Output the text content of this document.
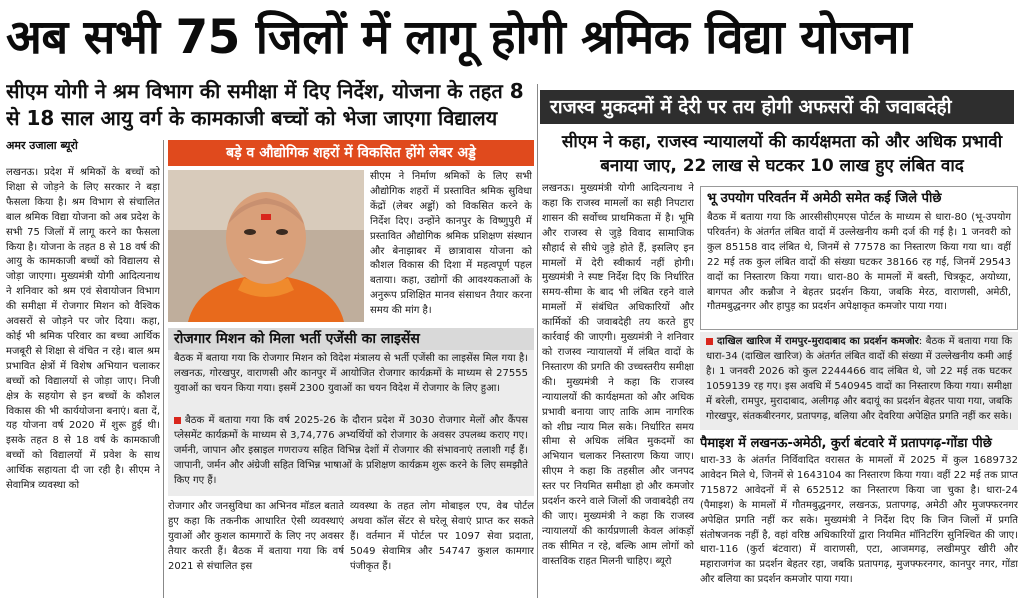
अब सभी 75 जिलों में लागू होगी श्रमिक विद्या योजना
सीएम योगी ने श्रम विभाग की समीक्षा में दिए निर्देश, योजना के तहत 8 से 18 साल आयु वर्ग के कामकाजी बच्चों को भेजा जाएगा विद्यालय
अमर उजाला ब्यूरो

लखनऊ। प्रदेश में श्रमिकों के बच्चों को शिक्षा से जोड़ने के लिए सरकार ने बड़ा फैसला किया है। श्रम विभाग से संचालित बाल श्रमिक विद्या योजना को अब प्रदेश के सभी 75 जिलों में लागू करने का फैसला किया है। योजना के तहत 8 से 18 वर्ष की आयु के कामकाजी बच्चों को विद्यालय से जोड़ा जाएगा। मुख्यमंत्री योगी आदित्यनाथ ने शनिवार को श्रम एवं सेवायोजन विभाग की समीक्षा में रोजगार मिशन को वैश्विक अवसरों से जोड़ने पर जोर दिया। कहा, कोई भी श्रमिक परिवार का बच्चा आर्थिक मजबूरी से शिक्षा से वंचित न रहे। बाल श्रम प्रभावित क्षेत्रों में विशेष अभियान चलाकर बच्चों को विद्यालयों से जोड़ा जाए। निजी क्षेत्र के सहयोग से इन बच्चों के कौशल विकास की भी कार्ययोजना बनाएं। बता दें, यह योजना वर्ष 2020 में शुरू हुई थी। इसके तहत 8 से 18 वर्ष के कामकाजी बच्चों को विद्यालयों में प्रवेश के साथ आर्थिक सहायता दी जा रही है। सीएम ने सेवामित्र व्यवस्था को

बड़े व औद्योगिक शहरों में विकसित होंगे लेबर अड्डे

सीएम ने निर्माण श्रमिकों के लिए सभी औद्योगिक शहरों में प्रस्तावित श्रमिक सुविधा केंद्रों (लेबर अड्डों) को विकसित करने के निर्देश दिए। उन्होंने कानपुर के विष्णुपुरी में प्रस्तावित औद्योगिक श्रमिक प्रशिक्षण संस्थान और बेनाझाबर में छात्रावास योजना को कौशल विकास की दिशा में महत्वपूर्ण पहल बताया। कहा, उद्योगों की आवश्यकताओं के अनुरूप प्रशिक्षित मानव संसाधन तैयार करना समय की मांग है।

रोजगार मिशन को मिला भर्ती एजेंसी का लाइसेंस
बैठक में बताया गया कि रोजगार मिशन को विदेश मंत्रालय से भर्ती एजेंसी का लाइसेंस मिल गया है। लखनऊ, गोरखपुर, वाराणसी और कानपुर में आयोजित रोजगार कार्यक्रमों के माध्यम से 27555 युवाओं का चयन किया गया। इसमें 2300 युवाओं का चयन विदेश में रोजगार के लिए हुआ।
बैठक में बताया गया कि वर्ष 2025-26 के दौरान प्रदेश में 3030 रोजगार मेलों और कैंपस प्लेसमेंट कार्यक्रमों के माध्यम से 3,74,776 अभ्यर्थियों को रोजगार के अवसर उपलब्ध कराए गए। जर्मनी, जापान और इस्राइल गणराज्य सहित विभिन्न देशों में रोजगार की संभावनाएं तलाशी गईं हैं। जापानी, जर्मन और अंग्रेजी सहित विभिन्न भाषाओं के प्रशिक्षण कार्यक्रम शुरू करने के लिए समझौते किए गए हैं।

रोजगार और जनसुविधा का अभिनव मॉडल बताते हुए कहा कि तकनीक आधारित ऐसी व्यवस्थाएं युवाओं और कुशल कामगारों के लिए नए अवसर तैयार करती हैं। बैठक में बताया गया कि वर्ष 2021 से संचालित इस

व्यवस्था के तहत लोग मोबाइल एप, वेब पोर्टल अथवा कॉल सेंटर से घरेलू सेवाएं प्राप्त कर सकते हैं। वर्तमान में पोर्टल पर 1097 सेवा प्रदाता, 5049 सेवामित्र और 54747 कुशल कामगार पंजीकृत हैं।

राजस्व मुकदमों में देरी पर तय होगी अफसरों की जवाबदेही
सीएम ने कहा, राजस्व न्यायालयों की कार्यक्षमता को और अधिक प्रभावी बनाया जाए, 22 लाख से घटकर 10 लाख हुए लंबित वाद

लखनऊ। मुख्यमंत्री योगी आदित्यनाथ ने कहा कि राजस्व मामलों का सही निपटारा शासन की सर्वोच्च प्राथमिकता में है। भूमि और राजस्व से जुड़े विवाद सामाजिक सौहार्द से सीधे जुड़े होते हैं, इसलिए इन मामलों में देरी स्वीकार्य नहीं होगी। मुख्यमंत्री ने स्पष्ट निर्देश दिए कि निर्धारित समय-सीमा के बाद भी लंबित रहने वाले मामलों में संबंधित अधिकारियों और कार्मिकों की जवाबदेही तय करते हुए कार्रवाई की जाएगी। मुख्यमंत्री ने शनिवार को राजस्व न्यायालयों में लंबित वादों के निस्तारण की प्रगति की उच्चस्तरीय समीक्षा की। मुख्यमंत्री ने कहा कि राजस्व न्यायालयों की कार्यक्षमता को और अधिक प्रभावी बनाया जाए ताकि आम नागरिक को शीघ्र न्याय मिल सके। निर्धारित समय सीमा से अधिक लंबित मुकदमों का अभियान चलाकर निस्तारण किया जाए। सीएम ने कहा कि तहसील और जनपद स्तर पर नियमित समीक्षा हो और कमजोर प्रदर्शन करने वाले जिलों की जवाबदेही तय की जाए। मुख्यमंत्री ने कहा कि राजस्व न्यायालयों की कार्यप्रणाली केवल आंकड़ों तक सीमित न रहे, बल्कि आम लोगों को वास्तविक राहत मिलनी चाहिए। ब्यूरो

भू उपयोग परिवर्तन में अमेठी समेत कई जिले पीछे
बैठक में बताया गया कि आरसीसीएमएस पोर्टल के माध्यम से धारा-80 (भू-उपयोग परिवर्तन) के अंतर्गत लंबित वादों में उल्लेखनीय कमी दर्ज की गई है। 1 जनवरी को कुल 85158 वाद लंबित थे, जिनमें से 77578 का निस्तारण किया गया था। वहीं 22 मई तक कुल लंबित वादों की संख्या घटकर 38166 रह गई, जिनमें 29543 वादों का निस्तारण किया गया। धारा-80 के मामलों में बस्ती, चित्रकूट, अयोध्या, बागपत और कन्नौज ने बेहतर प्रदर्शन किया, जबकि मेरठ, वाराणसी, अमेठी, गौतमबुद्धनगर और हापुड़ का प्रदर्शन अपेक्षाकृत कमजोर पाया गया।
दाखिल खारिज में रामपुर-मुरादाबाद का प्रदर्शन कमजोर: बैठक में बताया गया कि धारा-34 (दाखिल खारिज) के अंतर्गत लंबित वादों की संख्या में उल्लेखनीय कमी आई है। 1 जनवरी 2026 को कुल 2244466 वाद लंबित थे, जो 22 मई तक घटकर 1059139 रह गए। इस अवधि में 540945 वादों का निस्तारण किया गया। समीक्षा में बरेली, रामपुर, मुरादाबाद, अलीगढ़ और बदायूं का प्रदर्शन बेहतर पाया गया, जबकि गोरखपुर, संतकबीरनगर, प्रतापगढ़, बलिया और देवरिया अपेक्षित प्रगति नहीं कर सके।
पैमाइश में लखनऊ-अमेठी, कुर्रा बंटवारे में प्रतापगढ़-गोंडा पीछे
धारा-33 के अंतर्गत निर्विवादित वरासत के मामलों में 2025 में कुल 1689732 आवेदन मिले थे, जिनमें से 1643104 का निस्तारण किया गया। वहीं 22 मई तक प्राप्त 715872 आवेदनों में से 652512 का निस्तारण किया जा चुका है। धारा-24 (पैमाइश) के मामलों में गौतमबुद्धनगर, लखनऊ, प्रतापगढ़, अमेठी और मुजफ्फरनगर अपेक्षित प्रगति नहीं कर सके। मुख्यमंत्री ने निर्देश दिए कि जिन जिलों में प्रगति संतोषजनक नहीं है, वहां वरिष्ठ अधिकारियों द्वारा नियमित मॉनिटरिंग सुनिश्चित की जाए। धारा-116 (कुर्रा बंटवारा) में वाराणसी, एटा, आजमगढ़, लखीमपुर खीरी और महाराजगंज का प्रदर्शन बेहतर रहा, जबकि प्रतापगढ़, मुजफ्फरनगर, कानपुर नगर, गोंडा और बलिया का प्रदर्शन कमजोर पाया गया।
